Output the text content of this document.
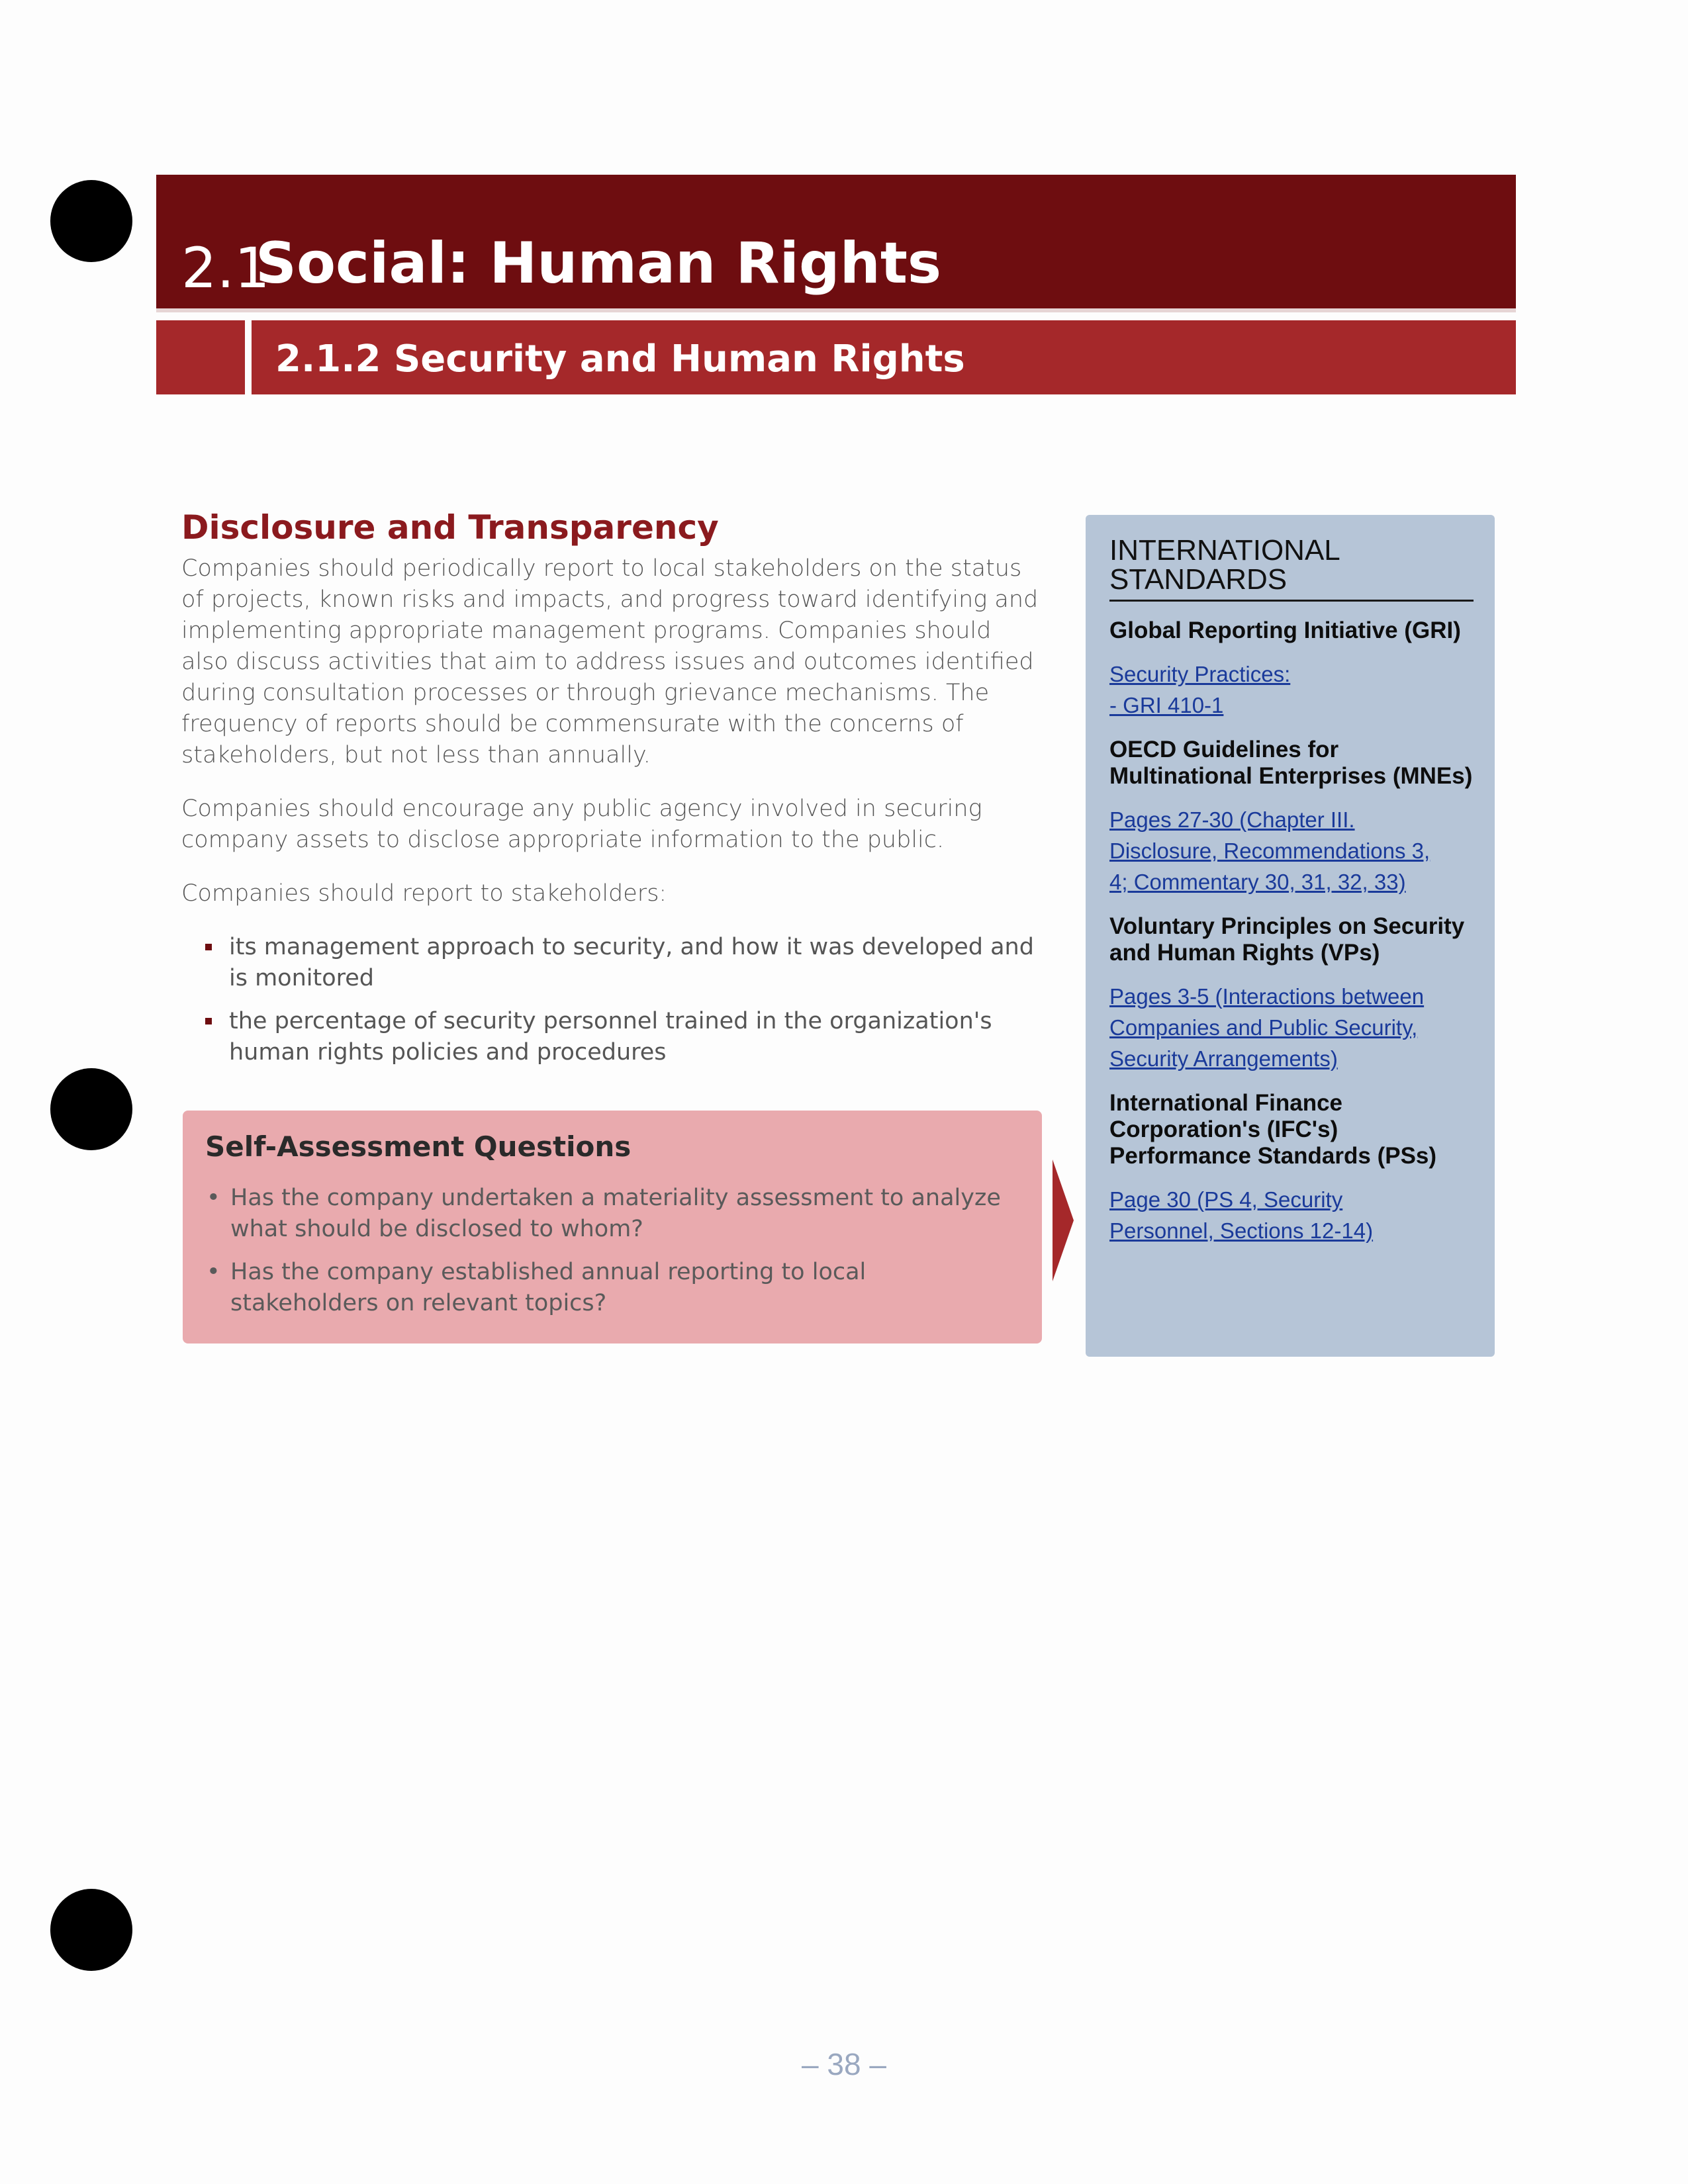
2.1
Social: Human Rights
2.1.2 Security and Human Rights
Disclosure and Transparency

Companies should periodically report to local stakeholders on the status of projects, known risks and impacts, and progress toward identifying and implementing appropriate management programs. Companies should also discuss activities that aim to address issues and outcomes identified during consultation processes or through grievance mechanisms. The frequency of reports should be commensurate with the concerns of stakeholders, but not less than annually.

Companies should encourage any public agency involved in securing company assets to disclose appropriate information to the public.

Companies should report to stakeholders:

its management approach to security, and how it was developed and is monitored
the percentage of security personnel trained in the organization's human rights policies and procedures
Self-Assessment Questions
• Has the company undertaken a materiality assessment to analyze what should be disclosed to whom?
• Has the company established annual reporting to local stakeholders on relevant topics?
INTERNATIONAL STANDARDS
Global Reporting Initiative (GRI)
Security Practices:
- GRI 410-1
OECD Guidelines for Multinational Enterprises (MNEs)
Pages 27-30 (Chapter III.
Disclosure, Recommendations 3,
4; Commentary 30, 31, 32, 33)
Voluntary Principles on Security and Human Rights (VPs)
Pages 3-5 (Interactions between
Companies and Public Security,
Security Arrangements)
International Finance Corporation's (IFC's) Performance Standards (PSs)
Page 30 (PS 4, Security
Personnel, Sections 12-14)
– 38 –
